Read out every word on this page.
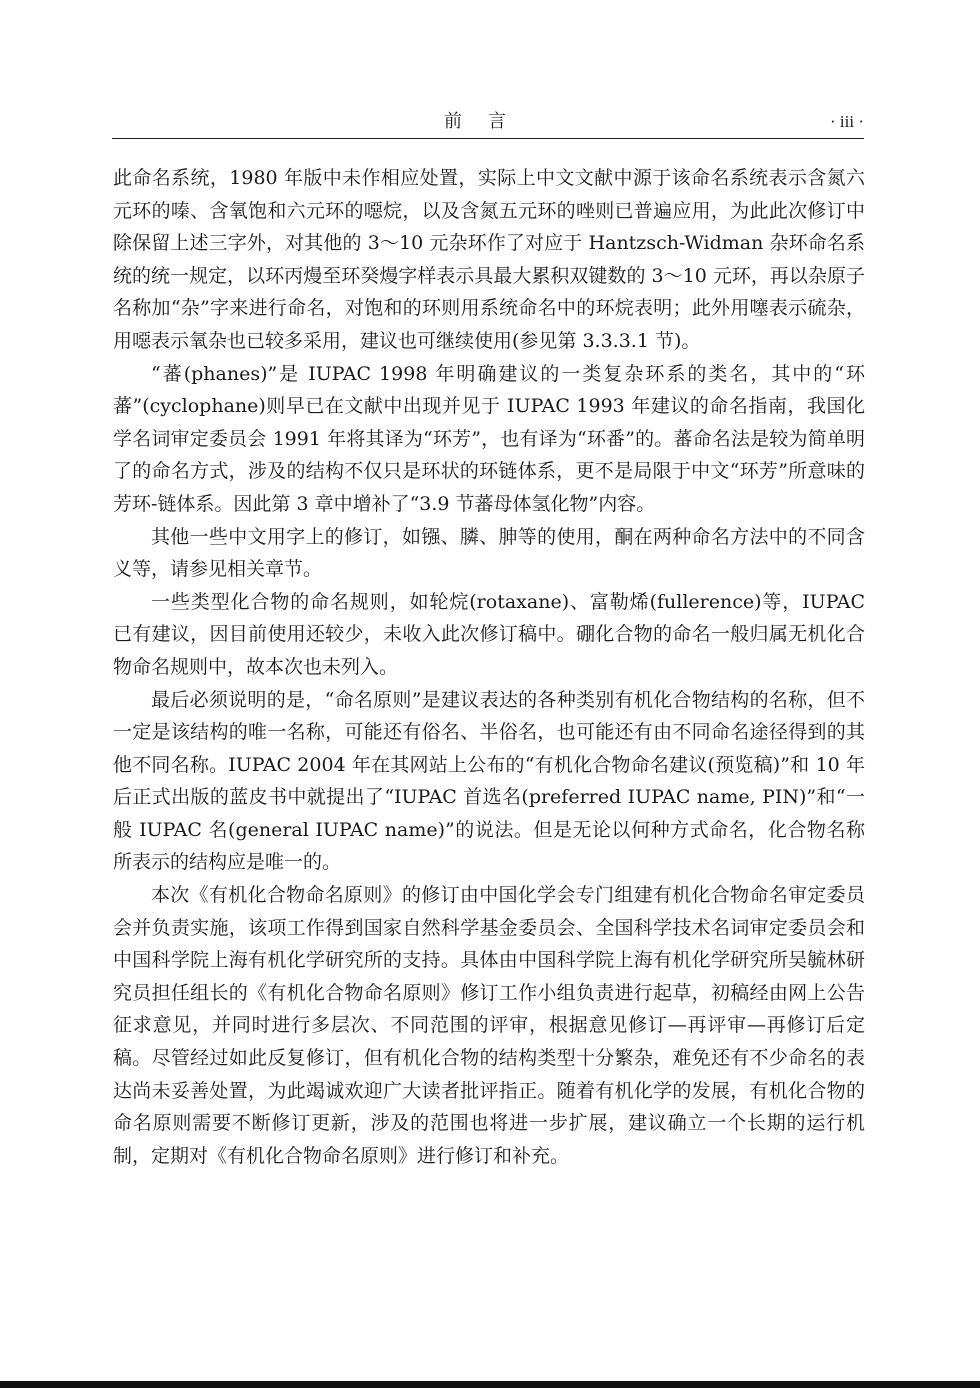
前言	· iii ·

此命名系统，1980 年版中未作相应处置，实际上中文文献中源于该命名系统表示含氮六元环的嗪、含氧饱和六元环的噁烷，以及含氮五元环的唑则已普遍应用，为此此次修订中除保留上述三字外，对其他的 3～10 元杂环作了对应于 Hantzsch-Widman 杂环命名系统的统一规定，以环丙熳至环癸熳字样表示具最大累积双键数的 3～10 元环，再以杂原子名称加“杂”字来进行命名，对饱和的环则用系统命名中的环烷表明；此外用噻表示硫杂，用噁表示氧杂也已较多采用，建议也可继续使用(参见第 3.3.3.1 节)。

“蕃(phanes)”是 IUPAC 1998 年明确建议的一类复杂环系的类名，其中的“环蕃”(cyclophane)则早已在文献中出现并见于 IUPAC 1993 年建议的命名指南，我国化学名词审定委员会 1991 年将其译为“环芳”，也有译为“环番”的。蕃命名法是较为简单明了的命名方式，涉及的结构不仅只是环状的环链体系，更不是局限于中文“环芳”所意味的芳环-链体系。因此第 3 章中增补了“3.9 节蕃母体氢化物”内容。

其他一些中文用字上的修订，如镪、膦、胂等的使用，酮在两种命名方法中的不同含义等，请参见相关章节。

一些类型化合物的命名规则，如轮烷(rotaxane)、富勒烯(fullerence)等，IUPAC 已有建议，因目前使用还较少，未收入此次修订稿中。硼化合物的命名一般归属无机化合物命名规则中，故本次也未列入。

最后必须说明的是，“命名原则”是建议表达的各种类别有机化合物结构的名称，但不一定是该结构的唯一名称，可能还有俗名、半俗名，也可能还有由不同命名途径得到的其他不同名称。IUPAC 2004 年在其网站上公布的“有机化合物命名建议(预览稿)”和 10 年后正式出版的蓝皮书中就提出了“IUPAC 首选名(preferred IUPAC name, PIN)”和“一般 IUPAC 名(general IUPAC name)”的说法。但是无论以何种方式命名，化合物名称所表示的结构应是唯一的。

本次《有机化合物命名原则》的修订由中国化学会专门组建有机化合物命名审定委员会并负责实施，该项工作得到国家自然科学基金委员会、全国科学技术名词审定委员会和中国科学院上海有机化学研究所的支持。具体由中国科学院上海有机化学研究所吴毓林研究员担任组长的《有机化合物命名原则》修订工作小组负责进行起草，初稿经由网上公告征求意见，并同时进行多层次、不同范围的评审，根据意见修订—再评审—再修订后定稿。尽管经过如此反复修订，但有机化合物的结构类型十分繁杂，难免还有不少命名的表达尚未妥善处置，为此竭诚欢迎广大读者批评指正。随着有机化学的发展，有机化合物的命名原则需要不断修订更新，涉及的范围也将进一步扩展，建议确立一个长期的运行机制，定期对《有机化合物命名原则》进行修订和补充。
